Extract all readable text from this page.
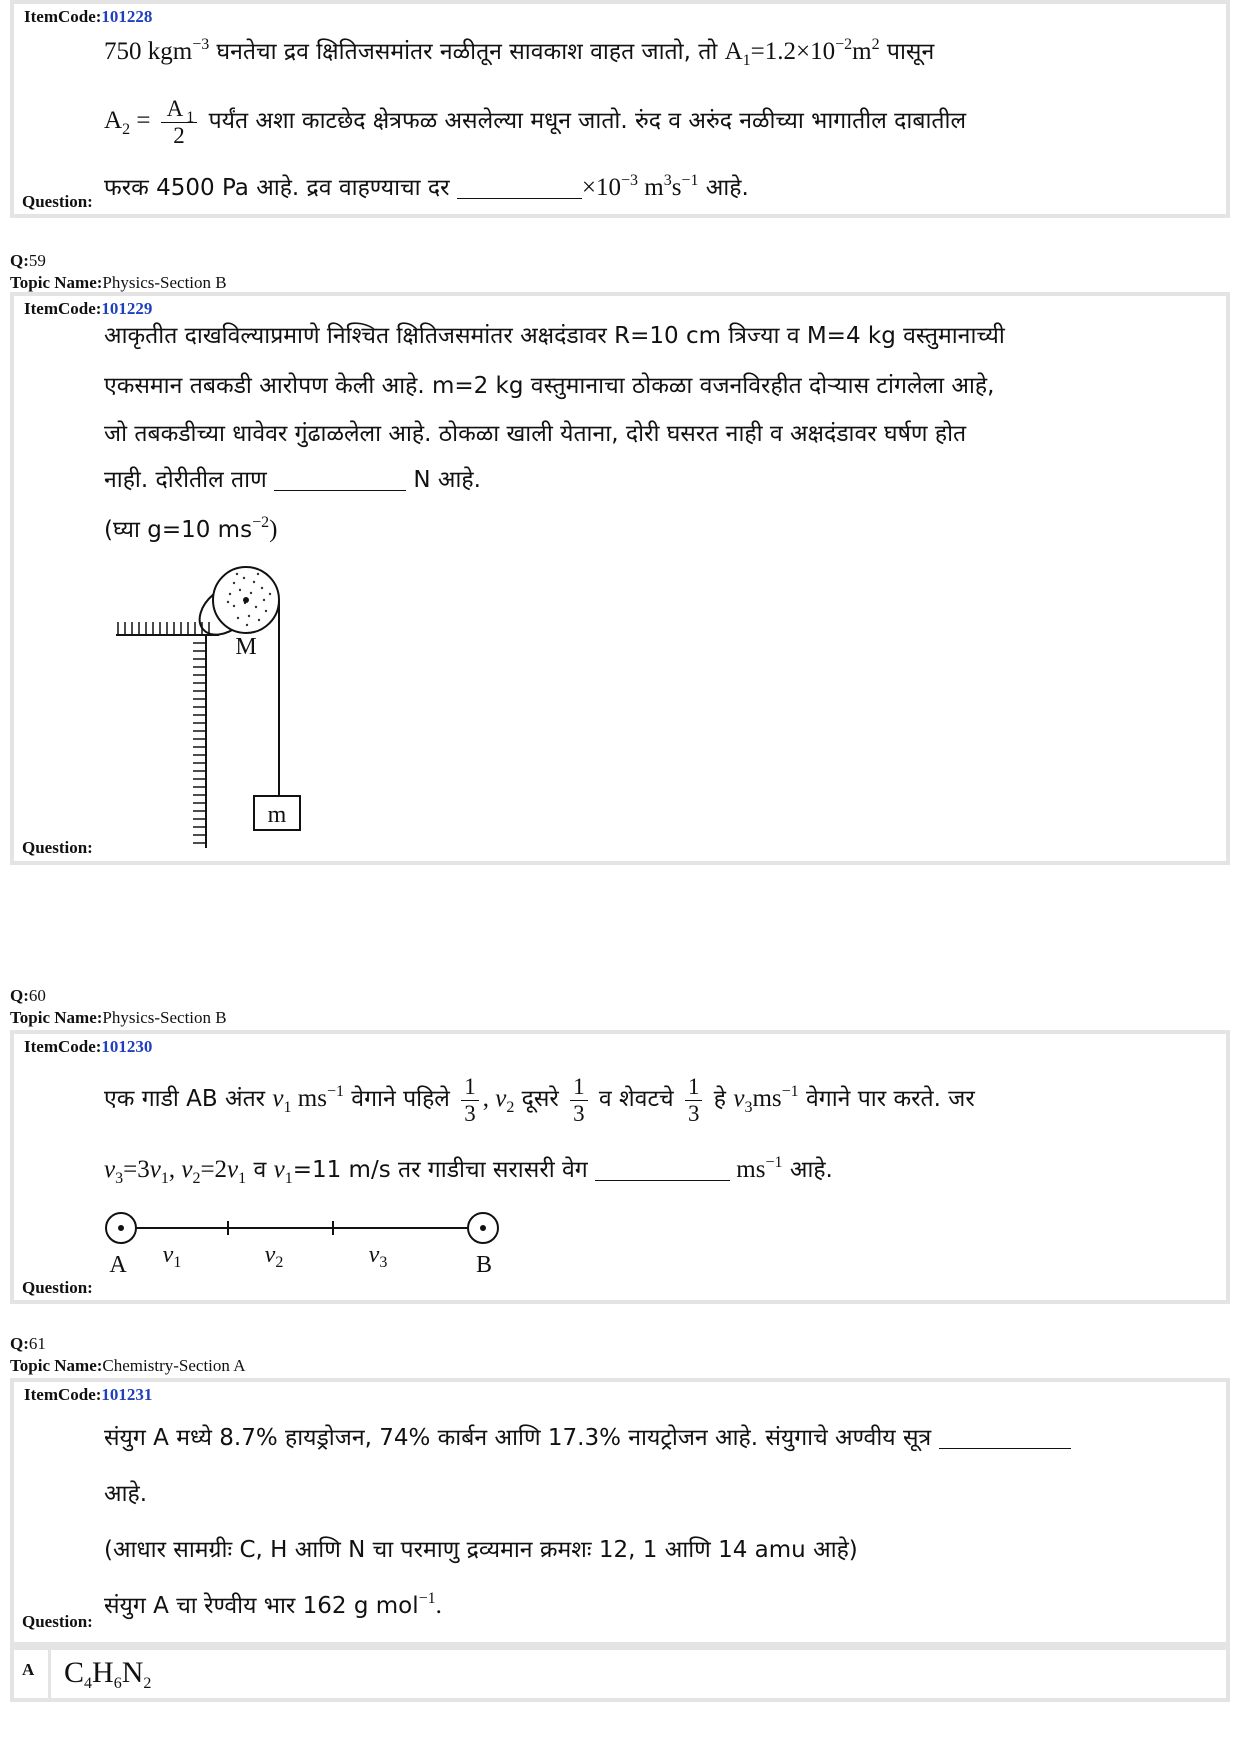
ItemCode:101228
750 kgm$^{-3}$ घनतेचा द्रव क्षितिजसमांतर नळीतून सावकाश वाहत जातो, तो $A_1=1.2\times 10^{-2}m^2$ पासून
$A_2 = \frac{A _1}{2}$ पर्यंत अशा काटछेद क्षेत्रफळ असलेल्या मधून जातो. रुंद व अरुंद नळीच्या भागातील दाबातील
फरक 4500 Pa आहे. द्रव वाहण्याचा दर	$\times 10^{-3}$ $m^3s^{-1}$ आहे.
Question:
Q:59
Topic Name:Physics-Section B
ItemCode:101229
आकृतीत दाखविल्याप्रमाणे निश्चित क्षितिजसमांतर अक्षदंडावर R=10 cm त्रिज्या व M=4 kg वस्तुमानाच्यी
एकसमान तबकडी आरोपण केली आहे. m=2 kg वस्तुमानाचा ठोकळा वजनविरहीत दोऱ्यास टांगलेला आहे,
जो तबकडीच्या धावेवर गुंढाळलेला आहे. ठोकळा खाली येताना, दोरी घसरत नाही व अक्षदंडावर घर्षण होत
नाही. दोरीतील ताण	N आहे.
(घ्या g=10 $ms^{-2}$)
m
M
Question:
Q:60
Topic Name:Physics-Section B
ItemCode:101230
एक गाडी AB अंतर $v_1$ $ms^{-1}$ वेगाने पहिले $\frac{1}{3}$ , $v_2$ दूसरे $\frac{1}{3}$ व शेवटचे $\frac{1}{3}$ हे $v_3ms^{-1}$ वेगाने पार करते. जर
$v_3=3v_1$, $v_2=2v_1$ व $v_1=11$ m/s तर गाडीचा सरासरी वेग	$ms^{-1}$ आहे.
A	B
$v_1$	$v_2$	$v_3$
Question:
Q:61
Topic Name:Chemistry-Section A
ItemCode:101231
संयुग A मध्ये 8.7% हायड्रोजन, 74% कार्बन आणि 17.3% नायट्रोजन आहे. संयुगाचे अण्वीय सूत्र
आहे.
(आधार सामग्रीः C, H आणि N चा परमाणु द्रव्यमान क्रमशः 12, 1 आणि 14 amu आहे)
संयुग A चा रेण्वीय भार 162 g mol$^{-1}$.
Question:
A $C_4H_6N_2$
